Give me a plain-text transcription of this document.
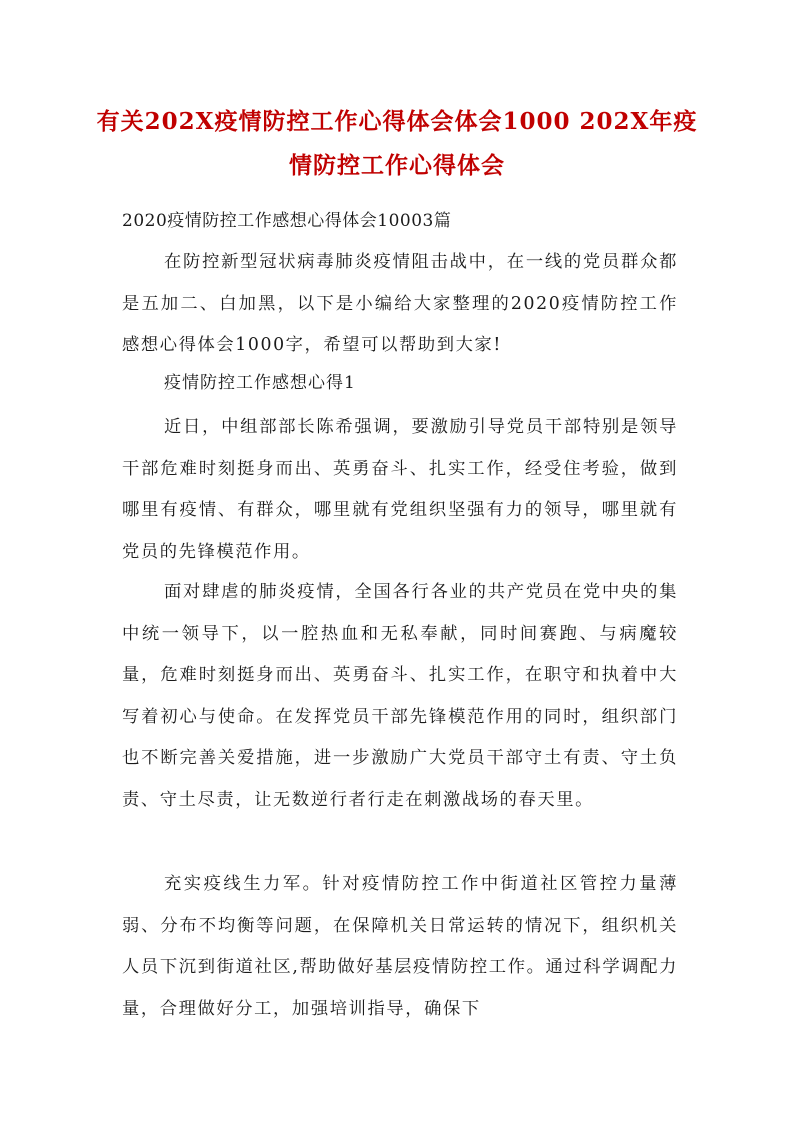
有关202X疫情防控工作心得体会体会1000 202X年疫
情防控工作心得体会

2020疫情防控工作感想心得体会10003篇

在防控新型冠状病毒肺炎疫情阻击战中，在一线的党员群众都是五加二、白加黑，以下是小编给大家整理的2020疫情防控工作感想心得体会1000字，希望可以帮助到大家!

疫情防控工作感想心得1

近日，中组部部长陈希强调，要激励引导党员干部特别是领导干部危难时刻挺身而出、英勇奋斗、扎实工作，经受住考验，做到哪里有疫情、有群众，哪里就有党组织坚强有力的领导，哪里就有党员的先锋模范作用。

面对肆虐的肺炎疫情，全国各行各业的共产党员在党中央的集中统一领导下，以一腔热血和无私奉献，同时间赛跑、与病魔较量，危难时刻挺身而出、英勇奋斗、扎实工作，在职守和执着中大写着初心与使命。在发挥党员干部先锋模范作用的同时，组织部门也不断完善关爱措施，进一步激励广大党员干部守土有责、守土负责、守土尽责，让无数逆行者行走在刺激战场的春天里。

充实疫线生力军。针对疫情防控工作中街道社区管控力量薄弱、分布不均衡等问题，在保障机关日常运转的情况下，组织机关人员下沉到街道社区,帮助做好基层疫情防控工作。通过科学调配力量，合理做好分工，加强培训指导，确保下
